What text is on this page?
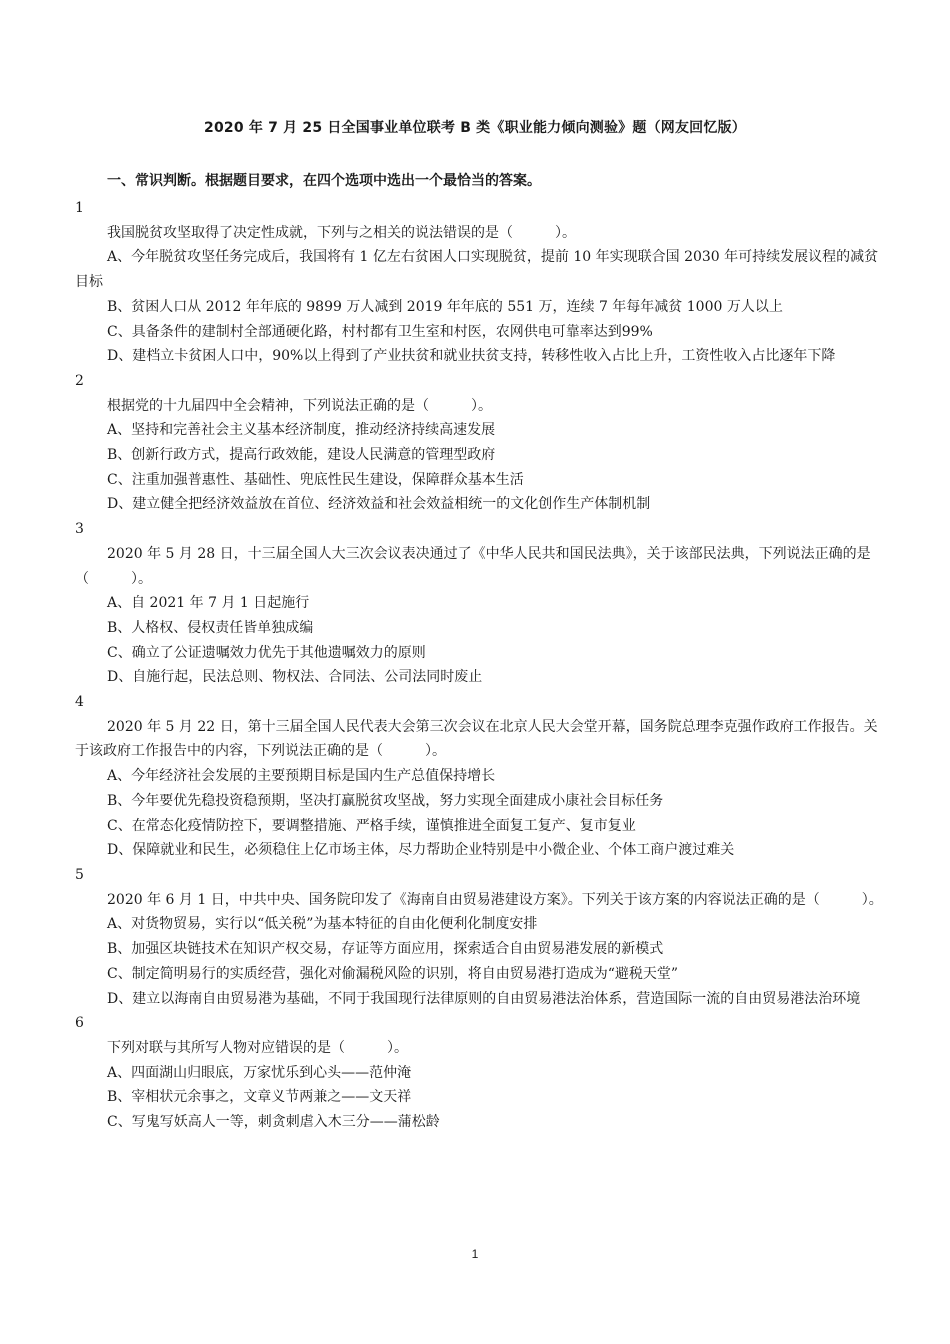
2020 年 7 月 25 日全国事业单位联考 B 类《职业能力倾向测验》题（网友回忆版）
一、常识判断。根据题目要求，在四个选项中选出一个最恰当的答案。

1

我国脱贫攻坚取得了决定性成就，下列与之相关的说法错误的是（　　　）。

A、今年脱贫攻坚任务完成后，我国将有 1 亿左右贫困人口实现脱贫，提前 10 年实现联合国 2030 年可持续发展议程的减贫目标

B、贫困人口从 2012 年年底的 9899 万人减到 2019 年年底的 551 万，连续 7 年每年减贫 1000 万人以上

C、具备条件的建制村全部通硬化路，村村都有卫生室和村医，农网供电可靠率达到99%

D、建档立卡贫困人口中，90%以上得到了产业扶贫和就业扶贫支持，转移性收入占比上升，工资性收入占比逐年下降

2

根据党的十九届四中全会精神，下列说法正确的是（　　　）。

A、坚持和完善社会主义基本经济制度，推动经济持续高速发展

B、创新行政方式，提高行政效能，建设人民满意的管理型政府

C、注重加强普惠性、基础性、兜底性民生建设，保障群众基本生活

D、建立健全把经济效益放在首位、经济效益和社会效益相统一的文化创作生产体制机制

3

2020 年 5 月 28 日，十三届全国人大三次会议表决通过了《中华人民共和国民法典》，关于该部民法典，下列说法正确的是（　　　）。

A、自 2021 年 7 月 1 日起施行

B、人格权、侵权责任皆单独成编

C、确立了公证遗嘱效力优先于其他遗嘱效力的原则

D、自施行起，民法总则、物权法、合同法、公司法同时废止

4

2020 年 5 月 22 日，第十三届全国人民代表大会第三次会议在北京人民大会堂开幕，国务院总理李克强作政府工作报告。关于该政府工作报告中的内容，下列说法正确的是（　　　）。

A、今年经济社会发展的主要预期目标是国内生产总值保持增长

B、今年要优先稳投资稳预期，坚决打赢脱贫攻坚战，努力实现全面建成小康社会目标任务

C、在常态化疫情防控下，要调整措施、严格手续，谨慎推进全面复工复产、复市复业

D、保障就业和民生，必须稳住上亿市场主体，尽力帮助企业特别是中小微企业、个体工商户渡过难关

5

2020 年 6 月 1 日，中共中央、国务院印发了《海南自由贸易港建设方案》。下列关于该方案的内容说法正确的是（　　　）。

A、对货物贸易，实行以“低关税”为基本特征的自由化便利化制度安排

B、加强区块链技术在知识产权交易，存证等方面应用，探索适合自由贸易港发展的新模式

C、制定简明易行的实质经营，强化对偷漏税风险的识别，将自由贸易港打造成为“避税天堂”

D、建立以海南自由贸易港为基础，不同于我国现行法律原则的自由贸易港法治体系，营造国际一流的自由贸易港法治环境

6

下列对联与其所写人物对应错误的是（　　　）。

A、四面湖山归眼底，万家忧乐到心头——范仲淹

B、宰相状元余事之，文章义节两兼之——文天祥

C、写鬼写妖高人一等，刺贪刺虐入木三分——蒲松龄

1
